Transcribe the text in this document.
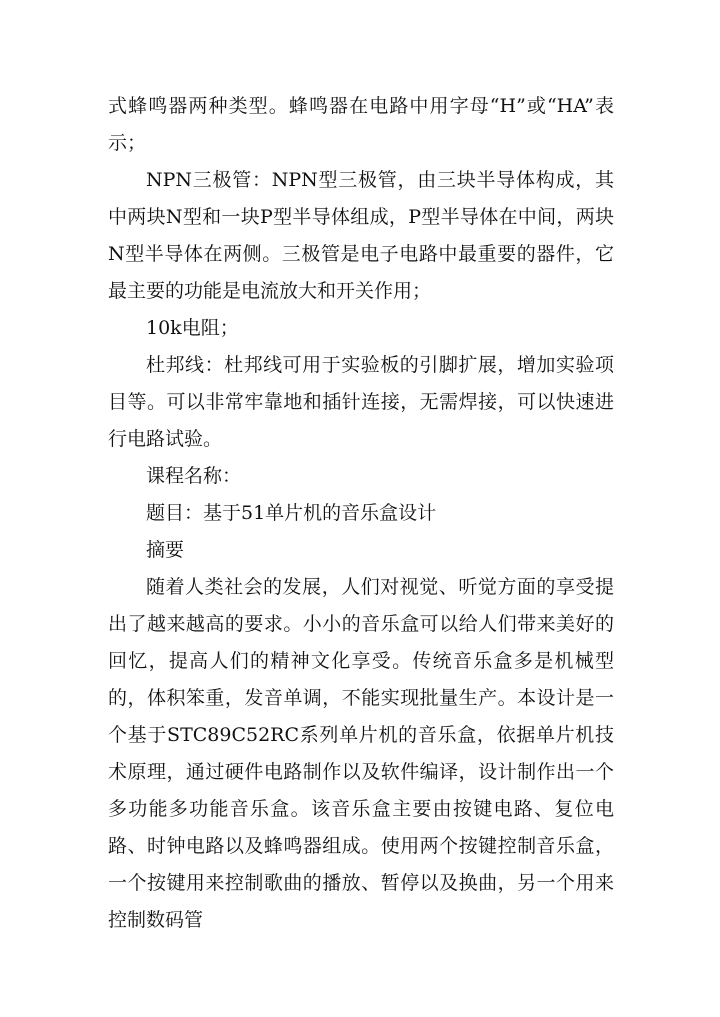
式蜂鸣器两种类型。蜂鸣器在电路中用字母“H”或“HA”表示；

NPN三极管：NPN型三极管，由三块半导体构成，其中两块N型和一块P型半导体组成，P型半导体在中间，两块N型半导体在两侧。三极管是电子电路中最重要的器件，它最主要的功能是电流放大和开关作用；

10k电阻；

杜邦线：杜邦线可用于实验板的引脚扩展，增加实验项目等。可以非常牢靠地和插针连接，无需焊接，可以快速进行电路试验。

课程名称：

题目：基于51单片机的音乐盒设计

摘要

随着人类社会的发展，人们对视觉、听觉方面的享受提出了越来越高的要求。小小的音乐盒可以给人们带来美好的回忆，提高人们的精神文化享受。传统音乐盒多是机械型的，体积笨重，发音单调，不能实现批量生产。本设计是一个基于STC89C52RC系列单片机的音乐盒，依据单片机技术原理，通过硬件电路制作以及软件编译，设计制作出一个多功能多功能音乐盒。该音乐盒主要由按键电路、复位电路、时钟电路以及蜂鸣器组成。使用两个按键控制音乐盒，一个按键用来控制歌曲的播放、暂停以及换曲，另一个用来控制数码管
